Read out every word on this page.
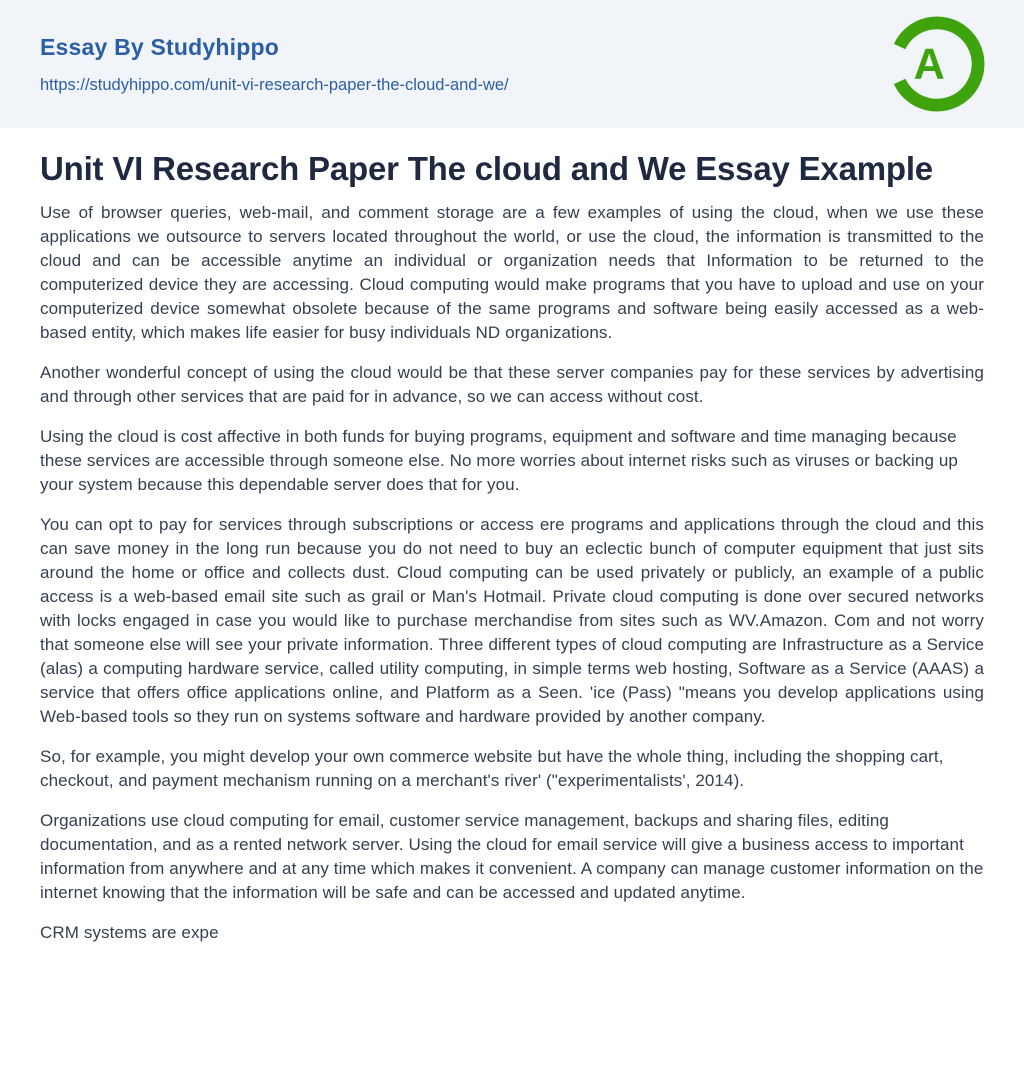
Essay By Studyhippo
https://studyhippo.com/unit-vi-research-paper-the-cloud-and-we/	A
Unit VI Research Paper The cloud and We Essay Example

Use of browser queries, web-mail, and comment storage are a few examples of using the cloud, when we use these applications we outsource to servers located throughout the world, or use the cloud, the information is transmitted to the cloud and can be accessible anytime an individual or organization needs that Information to be returned to the computerized device they are accessing. Cloud computing would make programs that you have to upload and use on your computerized device somewhat obsolete because of the same programs and software being easily accessed as a web-based entity, which makes life easier for busy individuals ND organizations.

Another wonderful concept of using the cloud would be that these server companies pay for these services by advertising and through other services that are paid for in advance, so we can access without cost.

Using the cloud is cost affective in both funds for buying programs, equipment and software and time managing because these services are accessible through someone else. No more worries about internet risks such as viruses or backing up your system because this dependable server does that for you.

You can opt to pay for services through subscriptions or access ere programs and applications through the cloud and this can save money in the long run because you do not need to buy an eclectic bunch of computer equipment that just sits around the home or office and collects dust. Cloud computing can be used privately or publicly, an example of a public access is a web-based email site such as grail or Man's Hotmail. Private cloud computing is done over secured networks with locks engaged in case you would like to purchase merchandise from sites such as WV.Amazon. Com and not worry that someone else will see your private information. Three different types of cloud computing are Infrastructure as a Service (alas) a computing hardware service, called utility computing, in simple terms web hosting, Software as a Service (AAAS) a service that offers office applications online, and Platform as a Seen. 'ice (Pass) "means you develop applications using Web-based tools so they run on systems software and hardware provided by another company.

So, for example, you might develop your own commerce website but have the whole thing, including the shopping cart, checkout, and payment mechanism running on a merchant's river' ("experimentalists', 2014).

Organizations use cloud computing for email, customer service management, backups and sharing files, editing documentation, and as a rented network server. Using the cloud for email service will give a business access to important information from anywhere and at any time which makes it convenient. A company can manage customer information on the internet knowing that the information will be safe and can be accessed and updated anytime.

CRM systems are expe
